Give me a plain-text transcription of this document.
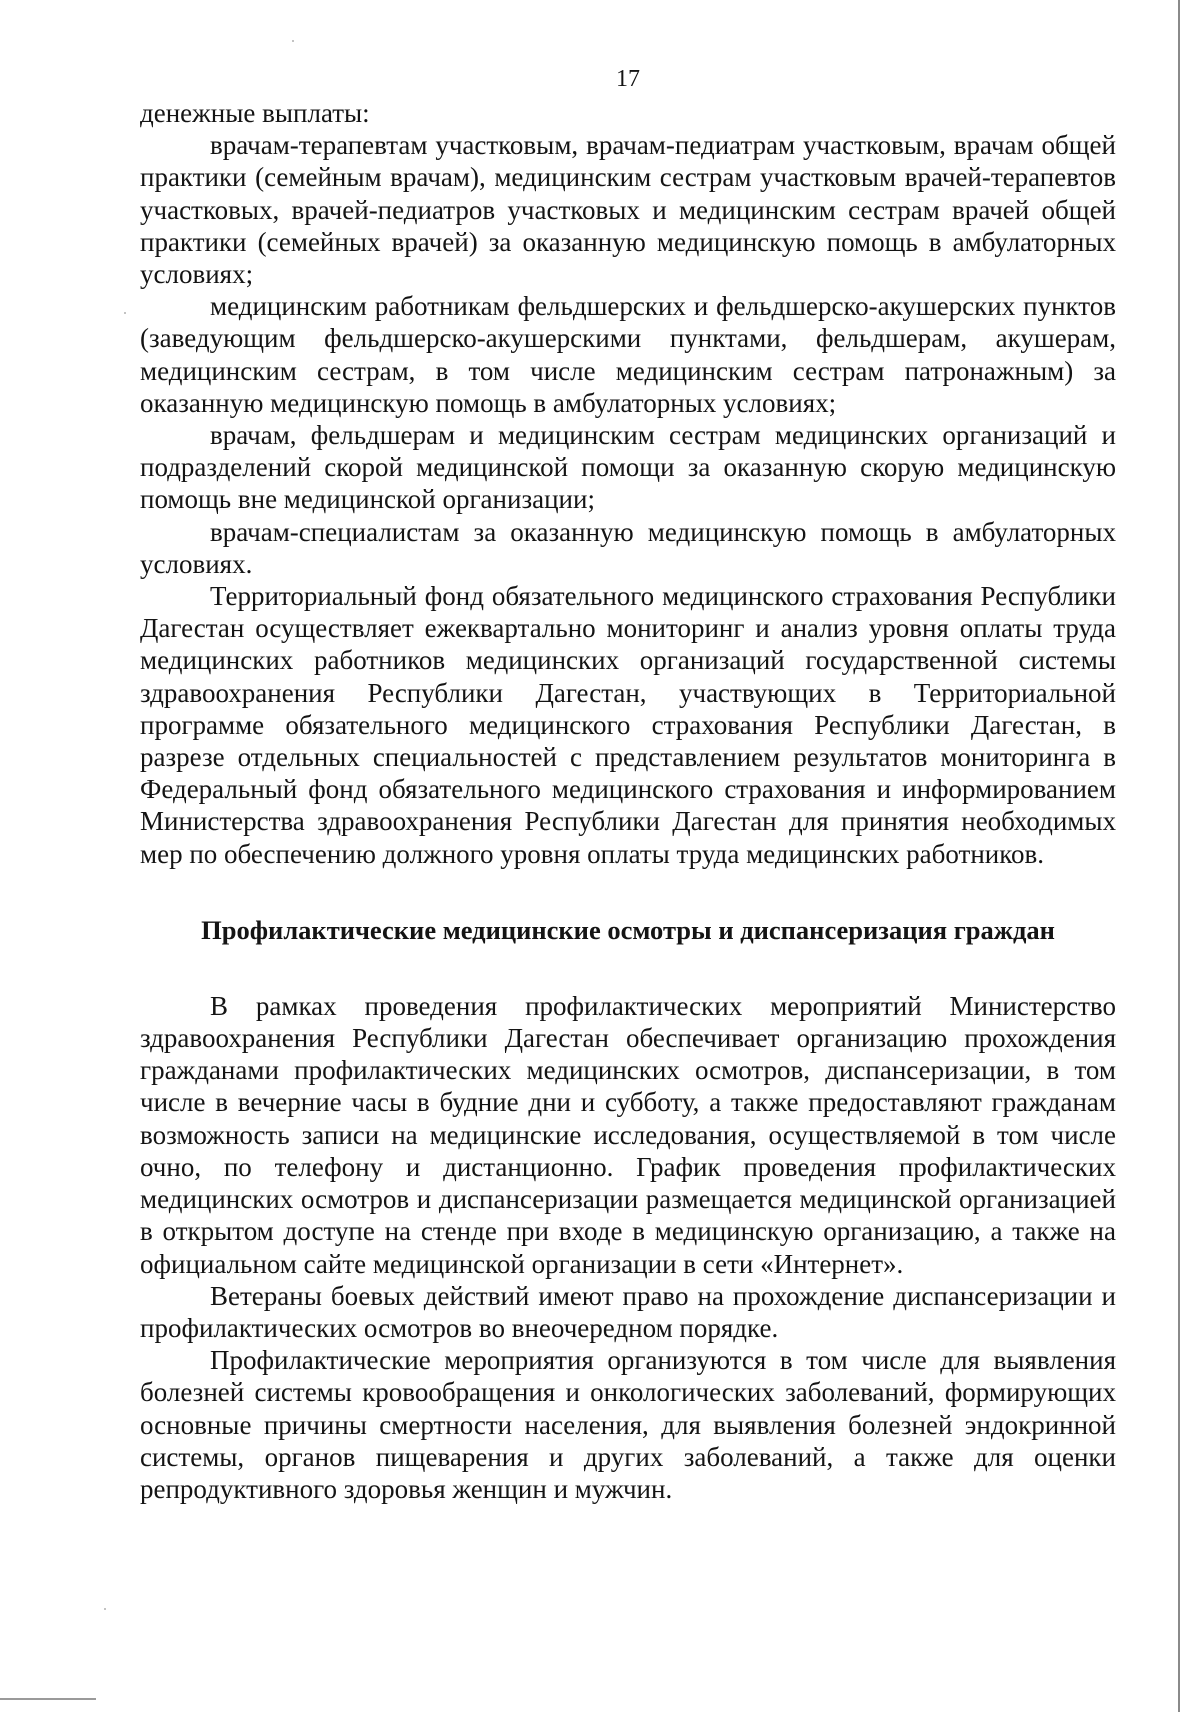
17

денежные выплаты:

врачам-терапевтам участковым, врачам-педиатрам участковым, врачам общей практики (семейным врачам), медицинским сестрам участковым врачей-терапевтов участковых, врачей-педиатров участковых и медицинским сестрам врачей общей практики (семейных врачей) за оказанную медицинскую помощь в амбулаторных условиях;

медицинским работникам фельдшерских и фельдшерско-акушерских пунктов (заведующим фельдшерско-акушерскими пунктами, фельдшерам, акушерам, медицинским сестрам, в том числе медицинским сестрам патронажным) за оказанную медицинскую помощь в амбулаторных условиях;

врачам, фельдшерам и медицинским сестрам медицинских организаций и подразделений скорой медицинской помощи за оказанную скорую медицинскую помощь вне медицинской организации;

врачам-специалистам за оказанную медицинскую помощь в амбулаторных условиях.

Территориальный фонд обязательного медицинского страхования Республики Дагестан осуществляет ежеквартально мониторинг и анализ уровня оплаты труда медицинских работников медицинских организаций государственной системы здравоохранения Республики Дагестан, участвующих в Территориальной программе обязательного медицинского страхования Республики Дагестан, в разрезе отдельных специальностей с представлением результатов мониторинга в Федеральный фонд обязательного медицинского страхования и информированием Министерства здравоохранения Республики Дагестан для принятия необходимых мер по обеспечению должного уровня оплаты труда медицинских работников.

Профилактические медицинские осмотры и диспансеризация граждан

В рамках проведения профилактических мероприятий Министерство здравоохранения Республики Дагестан обеспечивает организацию прохождения гражданами профилактических медицинских осмотров, диспансеризации, в том числе в вечерние часы в будние дни и субботу, а также предоставляют гражданам возможность записи на медицинские исследования, осуществляемой в том числе очно, по телефону и дистанционно. График проведения профилактических медицинских осмотров и диспансеризации размещается медицинской организацией в открытом доступе на стенде при входе в медицинскую организацию, а также на официальном сайте медицинской организации в сети «Интернет».

Ветераны боевых действий имеют право на прохождение диспансеризации и профилактических осмотров во внеочередном порядке.

Профилактические мероприятия организуются в том числе для выявления болезней системы кровообращения и онкологических заболеваний, формирующих основные причины смертности населения, для выявления болезней эндокринной системы, органов пищеварения и других заболеваний, а также для оценки репродуктивного здоровья женщин и мужчин.
